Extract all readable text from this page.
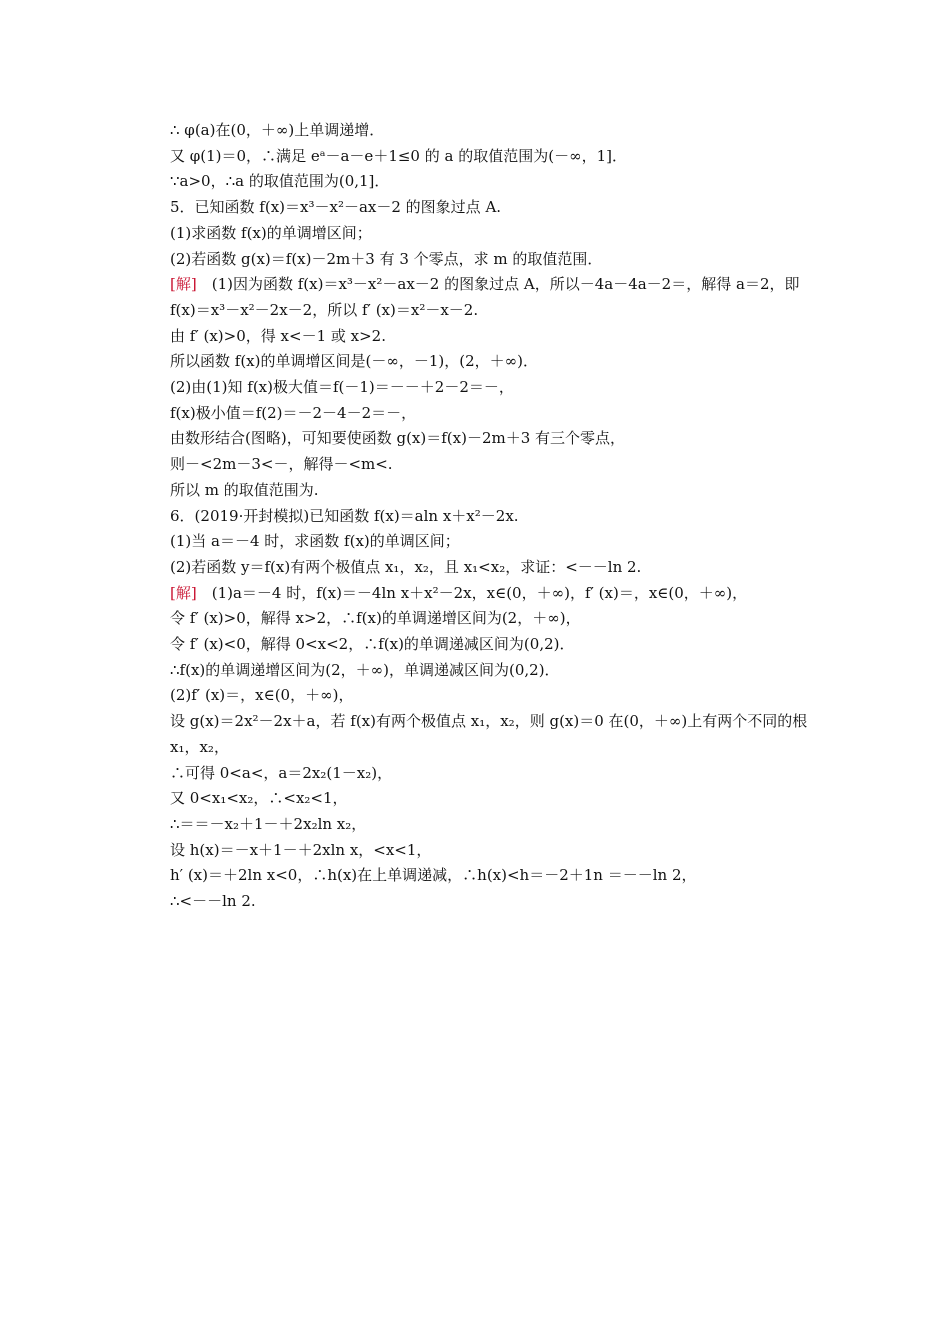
∴ φ(a)在(0，＋∞)上单调递增．
又 φ(1)＝0，∴满足 eᵃ－a－e＋1≤0 的 a 的取值范围为(－∞，1]．
∵a>0，∴a 的取值范围为(0,1]．
5．已知函数 f(x)＝x³－x²－ax－2 的图象过点 A.
(1)求函数 f(x)的单调增区间；
(2)若函数 g(x)＝f(x)－2m＋3 有 3 个零点，求 m 的取值范围．
[解]　(1)因为函数 f(x)＝x³－x²－ax－2 的图象过点 A，所以－4a－4a－2＝，解得 a＝2，即 f(x)＝x³－x²－2x－2，所以 f′ (x)＝x²－x－2.
由 f′ (x)>0，得 x<－1 或 x>2.
所以函数 f(x)的单调增区间是(－∞，－1)，(2，＋∞)．
(2)由(1)知 f(x)极大值＝f(－1)＝－－＋2－2＝－，
f(x)极小值＝f(2)＝－2－4－2＝－，
由数形结合(图略)，可知要使函数 g(x)＝f(x)－2m＋3 有三个零点，
则－<2m－3<－，解得－<m<.
所以 m 的取值范围为.
6．(2019·开封模拟)已知函数 f(x)＝aln x＋x²－2x.
(1)当 a＝－4 时，求函数 f(x)的单调区间；
(2)若函数 y＝f(x)有两个极值点 x₁，x₂，且 x₁<x₂，求证：<－－ln 2.
[解]　(1)a＝－4 时，f(x)＝－4ln x＋x²－2x，x∈(0，＋∞)，f′ (x)＝，x∈(0，＋∞)，
令 f′ (x)>0，解得 x>2，∴f(x)的单调递增区间为(2，＋∞)，
令 f′ (x)<0，解得 0<x<2，∴f(x)的单调递减区间为(0,2)．
∴f(x)的单调递增区间为(2，＋∞)，单调递减区间为(0,2)．
(2)f′ (x)＝，x∈(0，＋∞)，
设 g(x)＝2x²－2x＋a，若 f(x)有两个极值点 x₁，x₂，则 g(x)＝0 在(0，＋∞)上有两个不同的根 x₁，x₂，
∴可得 0<a<，a＝2x₂(1－x₂)，
又 0<x₁<x₂，∴<x₂<1，
∴＝＝－x₂＋1－＋2x₂ln x₂，
设 h(x)＝－x＋1－＋2xln x，<x<1，
h′ (x)＝＋2ln x<0，∴h(x)在上单调递减，∴h(x)<h＝－2＋1n ＝－－ln 2，
∴<－－ln 2.
